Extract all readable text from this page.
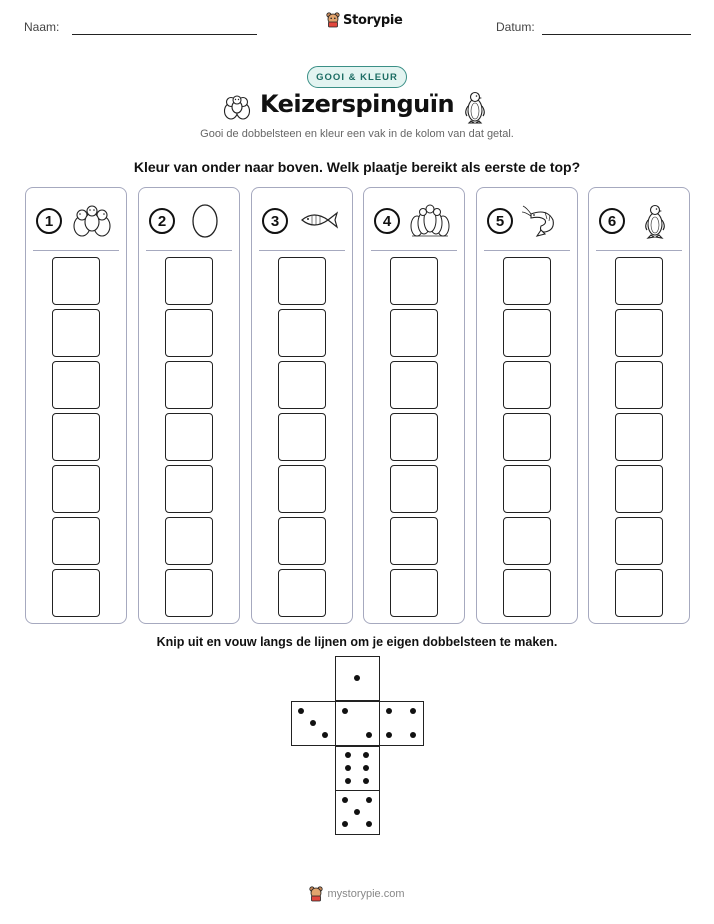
Naam:	Storypie	Datum:
GOOI & KLEUR
Keizerspinguïn
Gooi de dobbelsteen en kleur een vak in de kolom van dat getal.
Kleur van onder naar boven. Welk plaatje bereikt als eerste de top?
1	2	3	4	5	6
Knip uit en vouw langs de lijnen om je eigen dobbelsteen te maken.
mystorypie.com
